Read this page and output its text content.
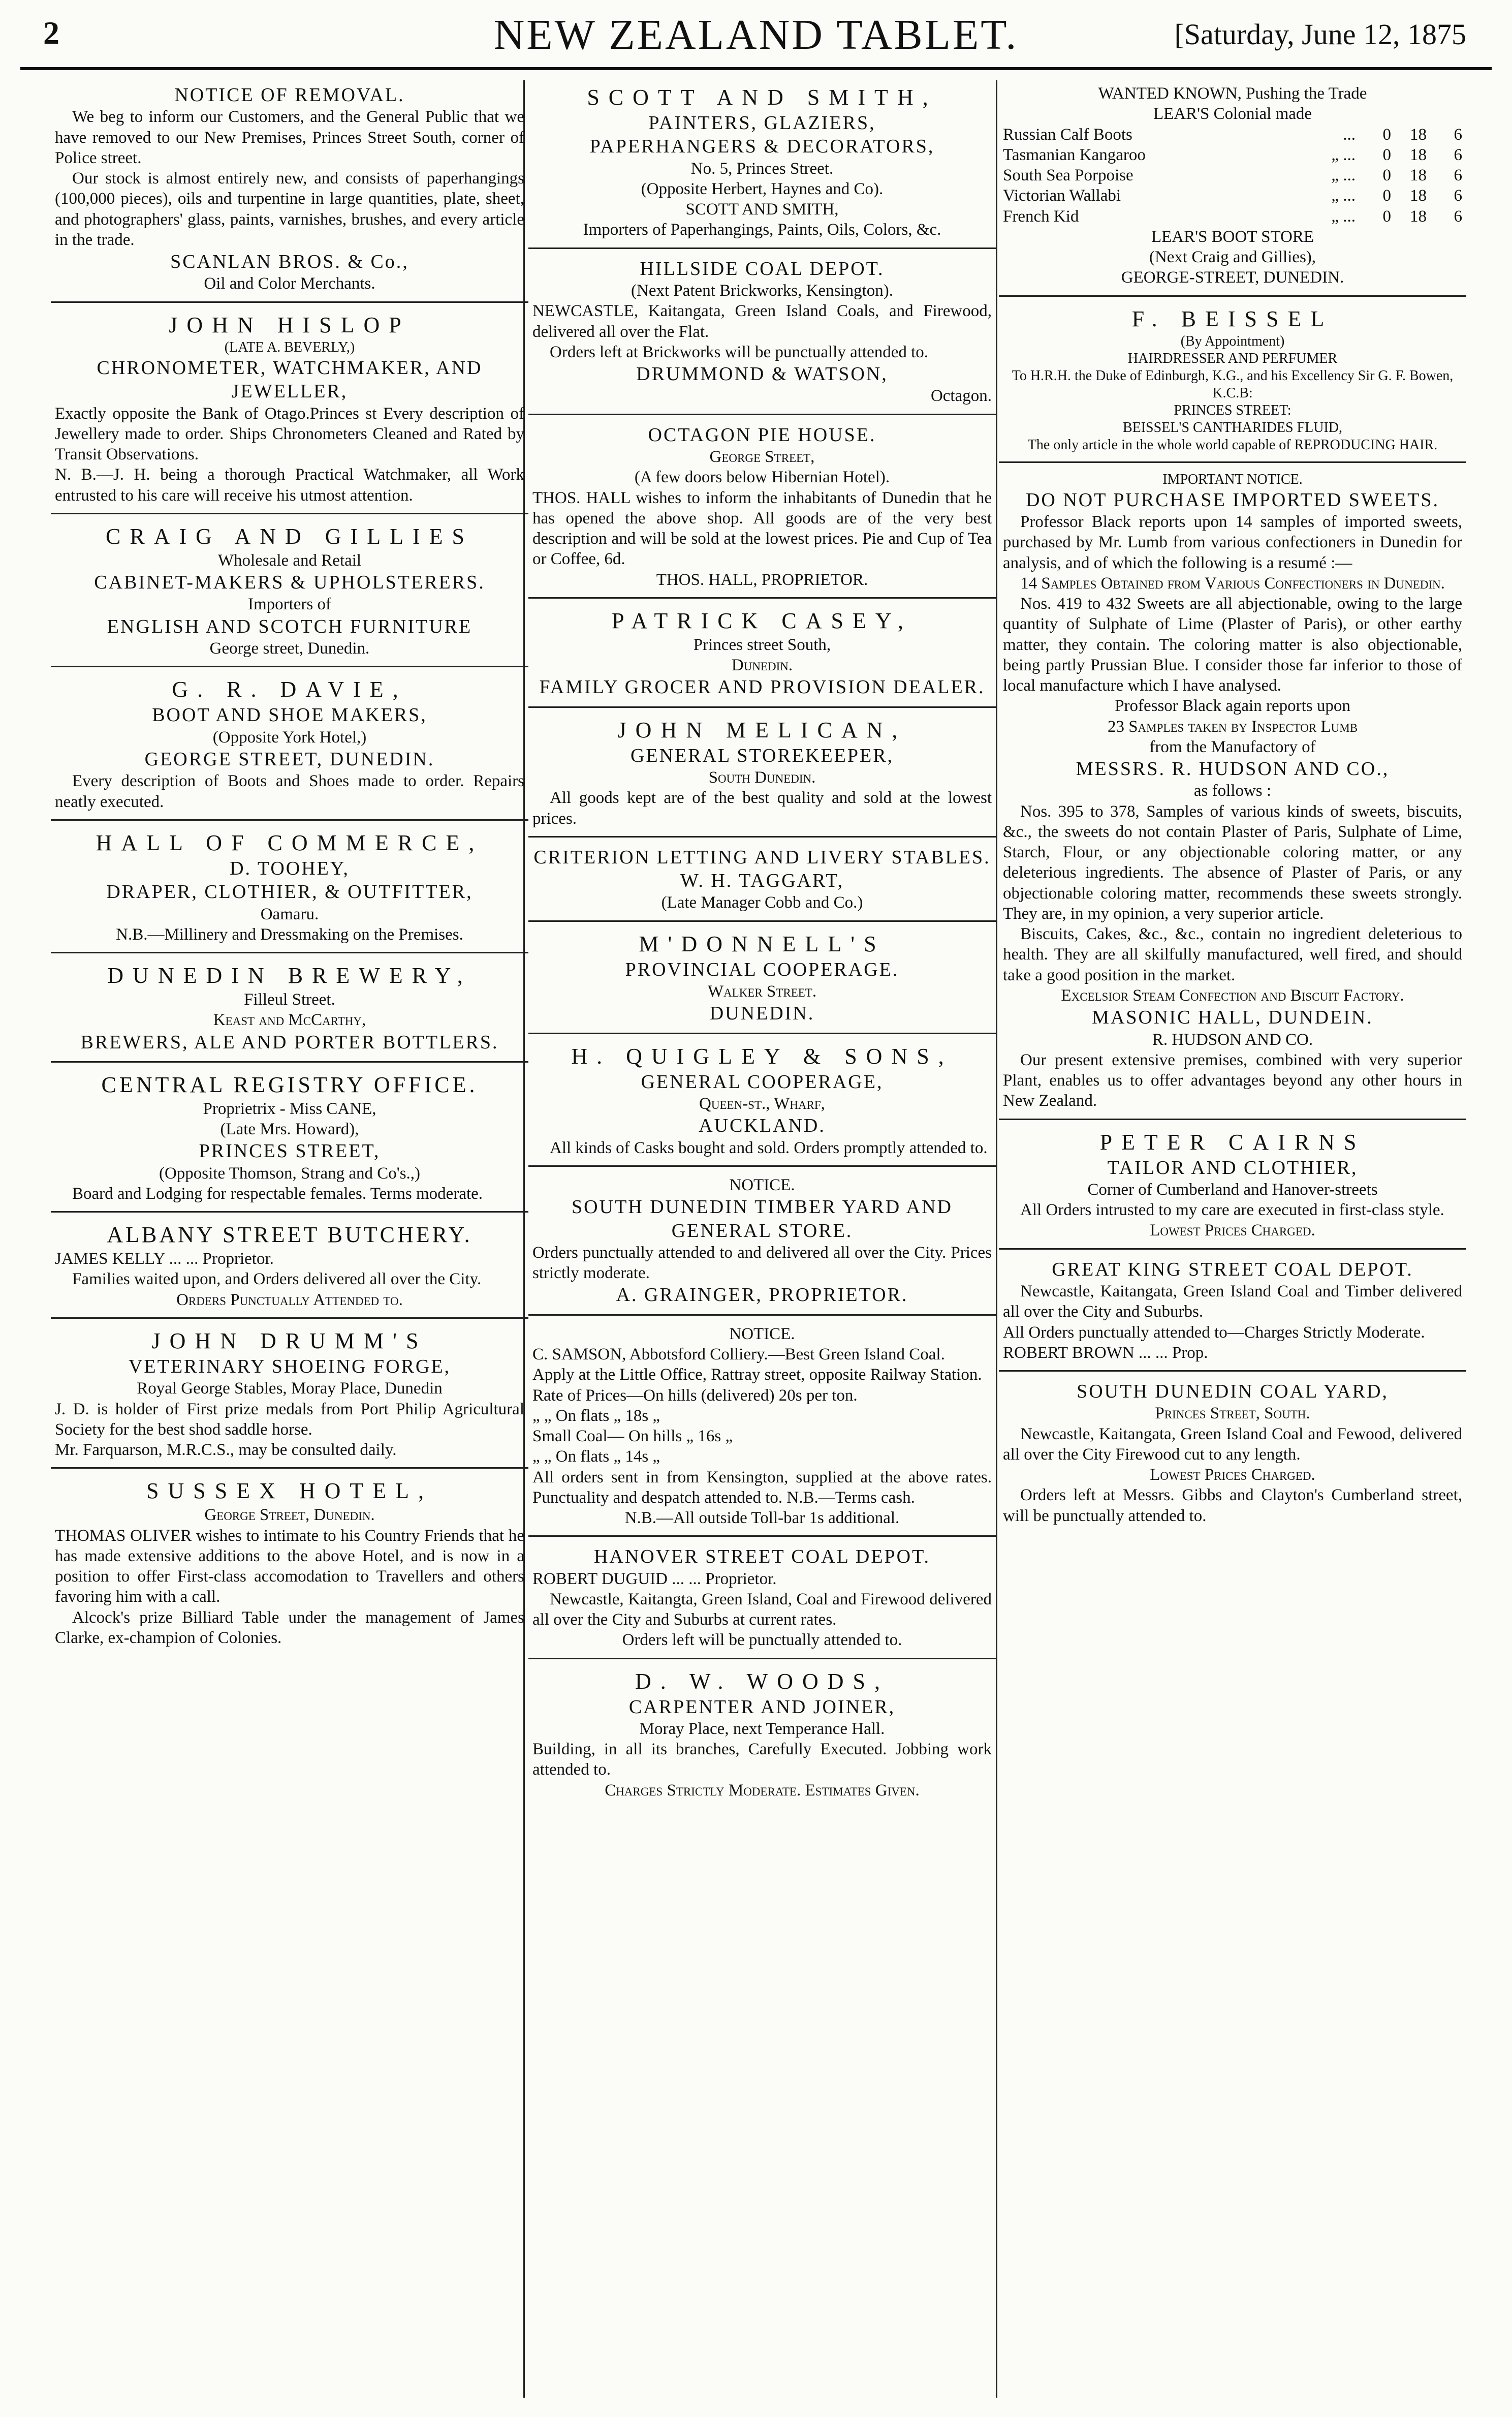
2	NEW ZEALAND TABLET.	[Saturday, June 12, 1875
NOTICE OF REMOVAL.
We beg to inform our Customers, and the General Public that we have removed to our New Premises, Princes Street South, corner of Police street.
Our stock is almost entirely new, and consists of paperhangings (100,000 pieces), oils and turpentine in large quantities, plate, sheet, and photographers' glass, paints, varnishes, brushes, and every article in the trade.
SCANLAN BROS. & Co.,
Oil and Color Merchants.
JOHN HISLOP
(LATE A. BEVERLY,)
CHRONOMETER, WATCHMAKER, AND JEWELLER,
Exactly opposite the Bank of Otago.Princes st Every description of Jewellery made to order. Ships Chronometers Cleaned and Rated by Transit Observations.
N. B.—J. H. being a thorough Practical Watchmaker, all Work entrusted to his care will receive his utmost attention.
CRAIG AND GILLIES
Wholesale and Retail
CABINET-MAKERS & UPHOLSTERERS.
Importers of
ENGLISH AND SCOTCH FURNITURE
George street, Dunedin.
G. R. DAVIE,
BOOT AND SHOE MAKERS,
(Opposite York Hotel,)
GEORGE STREET, DUNEDIN.
Every description of Boots and Shoes made to order. Repairs neatly executed.
HALL OF COMMERCE,
D. TOOHEY,
DRAPER, CLOTHIER, & OUTFITTER,
Oamaru.
N.B.—Millinery and Dressmaking on the Premises.
DUNEDIN BREWERY,
Filleul Street.
Keast and McCarthy,
BREWERS, ALE AND PORTER BOTTLERS.
CENTRAL REGISTRY OFFICE.
Proprietrix - Miss CANE,
(Late Mrs. Howard),
PRINCES STREET,
(Opposite Thomson, Strang and Co's.,)
Board and Lodging for respectable females. Terms moderate.
ALBANY STREET BUTCHERY.
JAMES KELLY ... ... Proprietor.
Families waited upon, and Orders delivered all over the City.
Orders Punctually Attended to.
JOHN DRUMM'S
VETERINARY SHOEING FORGE,
Royal George Stables, Moray Place, Dunedin
J. D. is holder of First prize medals from Port Philip Agricultural Society for the best shod saddle horse.
Mr. Farquarson, M.R.C.S., may be consulted daily.
SUSSEX HOTEL,
George Street, Dunedin.
THOMAS OLIVER wishes to intimate to his Country Friends that he has made extensive additions to the above Hotel, and is now in a position to offer First-class accomodation to Travellers and others favoring him with a call.
Alcock's prize Billiard Table under the management of James Clarke, ex-champion of Colonies.
SCOTT AND SMITH,
PAINTERS, GLAZIERS,
PAPERHANGERS & DECORATORS,
No. 5, Princes Street.
(Opposite Herbert, Haynes and Co).
SCOTT AND SMITH,
Importers of Paperhangings, Paints, Oils, Colors, &c.
HILLSIDE COAL DEPOT.
(Next Patent Brickworks, Kensington).
NEWCASTLE, Kaitangata, Green Island Coals, and Firewood, delivered all over the Flat.
Orders left at Brickworks will be punctually attended to.
DRUMMOND & WATSON,
Octagon.
OCTAGON PIE HOUSE.
George Street,
(A few doors below Hibernian Hotel).
THOS. HALL wishes to inform the inhabitants of Dunedin that he has opened the above shop. All goods are of the very best description and will be sold at the lowest prices. Pie and Cup of Tea or Coffee, 6d.
THOS. HALL, PROPRIETOR.
PATRICK CASEY,
Princes street South,
Dunedin.
FAMILY GROCER AND PROVISION DEALER.
JOHN MELICAN,
GENERAL STOREKEEPER,
South Dunedin.
All goods kept are of the best quality and sold at the lowest prices.
CRITERION LETTING AND LIVERY STABLES.
W. H. TAGGART,
(Late Manager Cobb and Co.)
M'DONNELL'S
PROVINCIAL COOPERAGE.
Walker Street.
DUNEDIN.
H. QUIGLEY & SONS,
GENERAL COOPERAGE,
Queen-st., Wharf,
AUCKLAND.
All kinds of Casks bought and sold. Orders promptly attended to.
NOTICE.
SOUTH DUNEDIN TIMBER YARD AND GENERAL STORE.
Orders punctually attended to and delivered all over the City. Prices strictly moderate.
A. GRAINGER, PROPRIETOR.
NOTICE.
C. SAMSON, Abbotsford Colliery.—Best Green Island Coal.
Apply at the Little Office, Rattray street, opposite Railway Station.
Rate of Prices—On hills (delivered) 20s per ton.
„ „ On flats „ 18s „
Small Coal— On hills „ 16s „
„ „ On flats „ 14s „
All orders sent in from Kensington, supplied at the above rates. Punctuality and despatch attended to. N.B.—Terms cash.
N.B.—All outside Toll-bar 1s additional.
HANOVER STREET COAL DEPOT.
ROBERT DUGUID ... ... Proprietor.
Newcastle, Kaitangta, Green Island, Coal and Firewood delivered all over the City and Suburbs at current rates.
Orders left will be punctually attended to.
D. W. WOODS,
CARPENTER AND JOINER,
Moray Place, next Temperance Hall.
Building, in all its branches, Carefully Executed. Jobbing work attended to.
Charges Strictly Moderate. Estimates Given.
WANTED KNOWN, Pushing the Trade
LEAR'S Colonial made
Russian Calf Boots	...	0	18	6
Tasmanian Kangaroo	„ ...	0	18	6
South Sea Porpoise	„ ...	0	18	6
Victorian Wallabi	„ ...	0	18	6
French Kid	„ ...	0	18	6
LEAR'S BOOT STORE
(Next Craig and Gillies),
GEORGE-STREET, DUNEDIN.
F. BEISSEL
(By Appointment)
HAIRDRESSER AND PERFUMER
To H.R.H. the Duke of Edinburgh, K.G., and his Excellency Sir G. F. Bowen, K.C.B:
PRINCES STREET:
BEISSEL'S CANTHARIDES FLUID,
The only article in the whole world capable of REPRODUCING HAIR.
IMPORTANT NOTICE.
DO NOT PURCHASE IMPORTED SWEETS.
Professor Black reports upon 14 samples of imported sweets, purchased by Mr. Lumb from various confectioners in Dunedin for analysis, and of which the following is a resumé :—
14 Samples Obtained from Various Confectioners in Dunedin.
Nos. 419 to 432 Sweets are all abjectionable, owing to the large quantity of Sulphate of Lime (Plaster of Paris), or other earthy matter, they contain. The coloring matter is also objectionable, being partly Prussian Blue. I consider those far inferior to those of local manufacture which I have analysed.
Professor Black again reports upon
23 Samples taken by Inspector Lumb
from the Manufactory of
MESSRS. R. HUDSON AND CO.,
as follows :
Nos. 395 to 378, Samples of various kinds of sweets, biscuits, &c., the sweets do not contain Plaster of Paris, Sulphate of Lime, Starch, Flour, or any objectionable coloring matter, or any deleterious ingredients. The absence of Plaster of Paris, or any objectionable coloring matter, recommends these sweets strongly. They are, in my opinion, a very superior article.
Biscuits, Cakes, &c., &c., contain no ingredient deleterious to health. They are all skilfully manufactured, well fired, and should take a good position in the market.
Excelsior Steam Confection and Biscuit Factory.
MASONIC HALL, DUNDEIN.
R. HUDSON AND CO.
Our present extensive premises, combined with very superior Plant, enables us to offer advantages beyond any other hours in New Zealand.
PETER CAIRNS
TAILOR AND CLOTHIER,
Corner of Cumberland and Hanover-streets
All Orders intrusted to my care are executed in first-class style.
Lowest Prices Charged.
GREAT KING STREET COAL DEPOT.
Newcastle, Kaitangata, Green Island Coal and Timber delivered all over the City and Suburbs.
All Orders punctually attended to—Charges Strictly Moderate.
ROBERT BROWN ... ... Prop.
SOUTH DUNEDIN COAL YARD,
Princes Street, South.
Newcastle, Kaitangata, Green Island Coal and Fewood, delivered all over the City Firewood cut to any length.
Lowest Prices Charged.
Orders left at Messrs. Gibbs and Clayton's Cumberland street, will be punctually attended to.
